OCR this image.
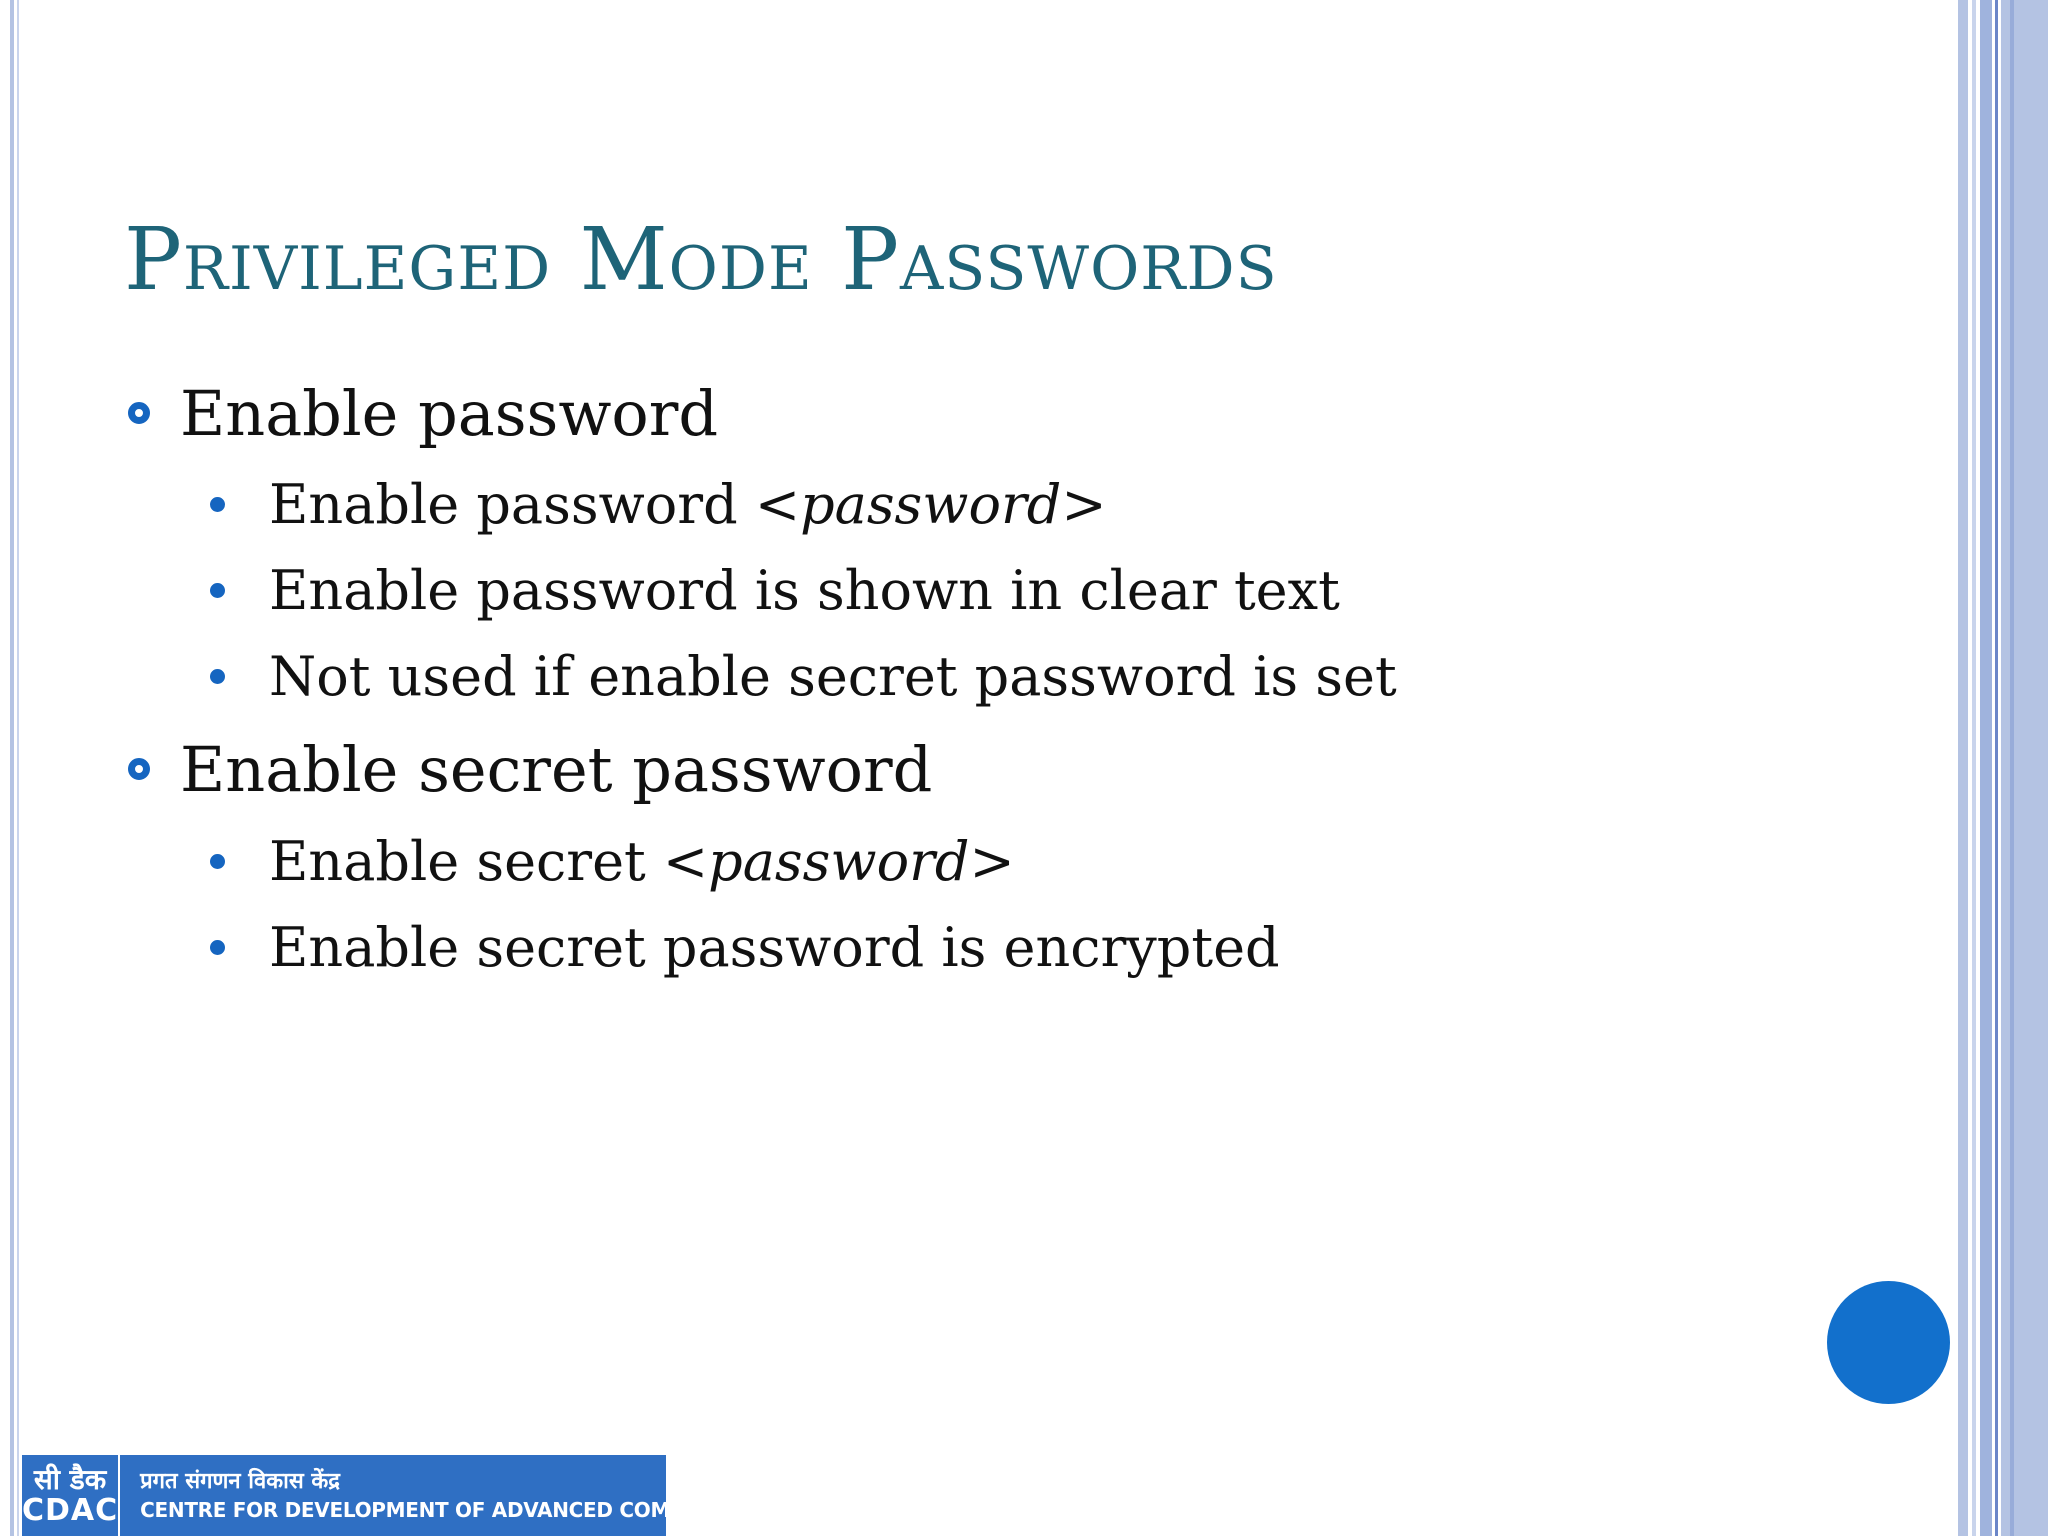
Privileged Mode Passwords
Enable password
Enable password <password>
Enable password is shown in clear text
Not used if enable secret password is set
Enable secret password
Enable secret <password>
Enable secret password is encrypted
सी डैक
CDAC
प्रगत संगणन विकास केंद्र
CENTRE FOR DEVELOPMENT OF ADVANCED COMPUTING
